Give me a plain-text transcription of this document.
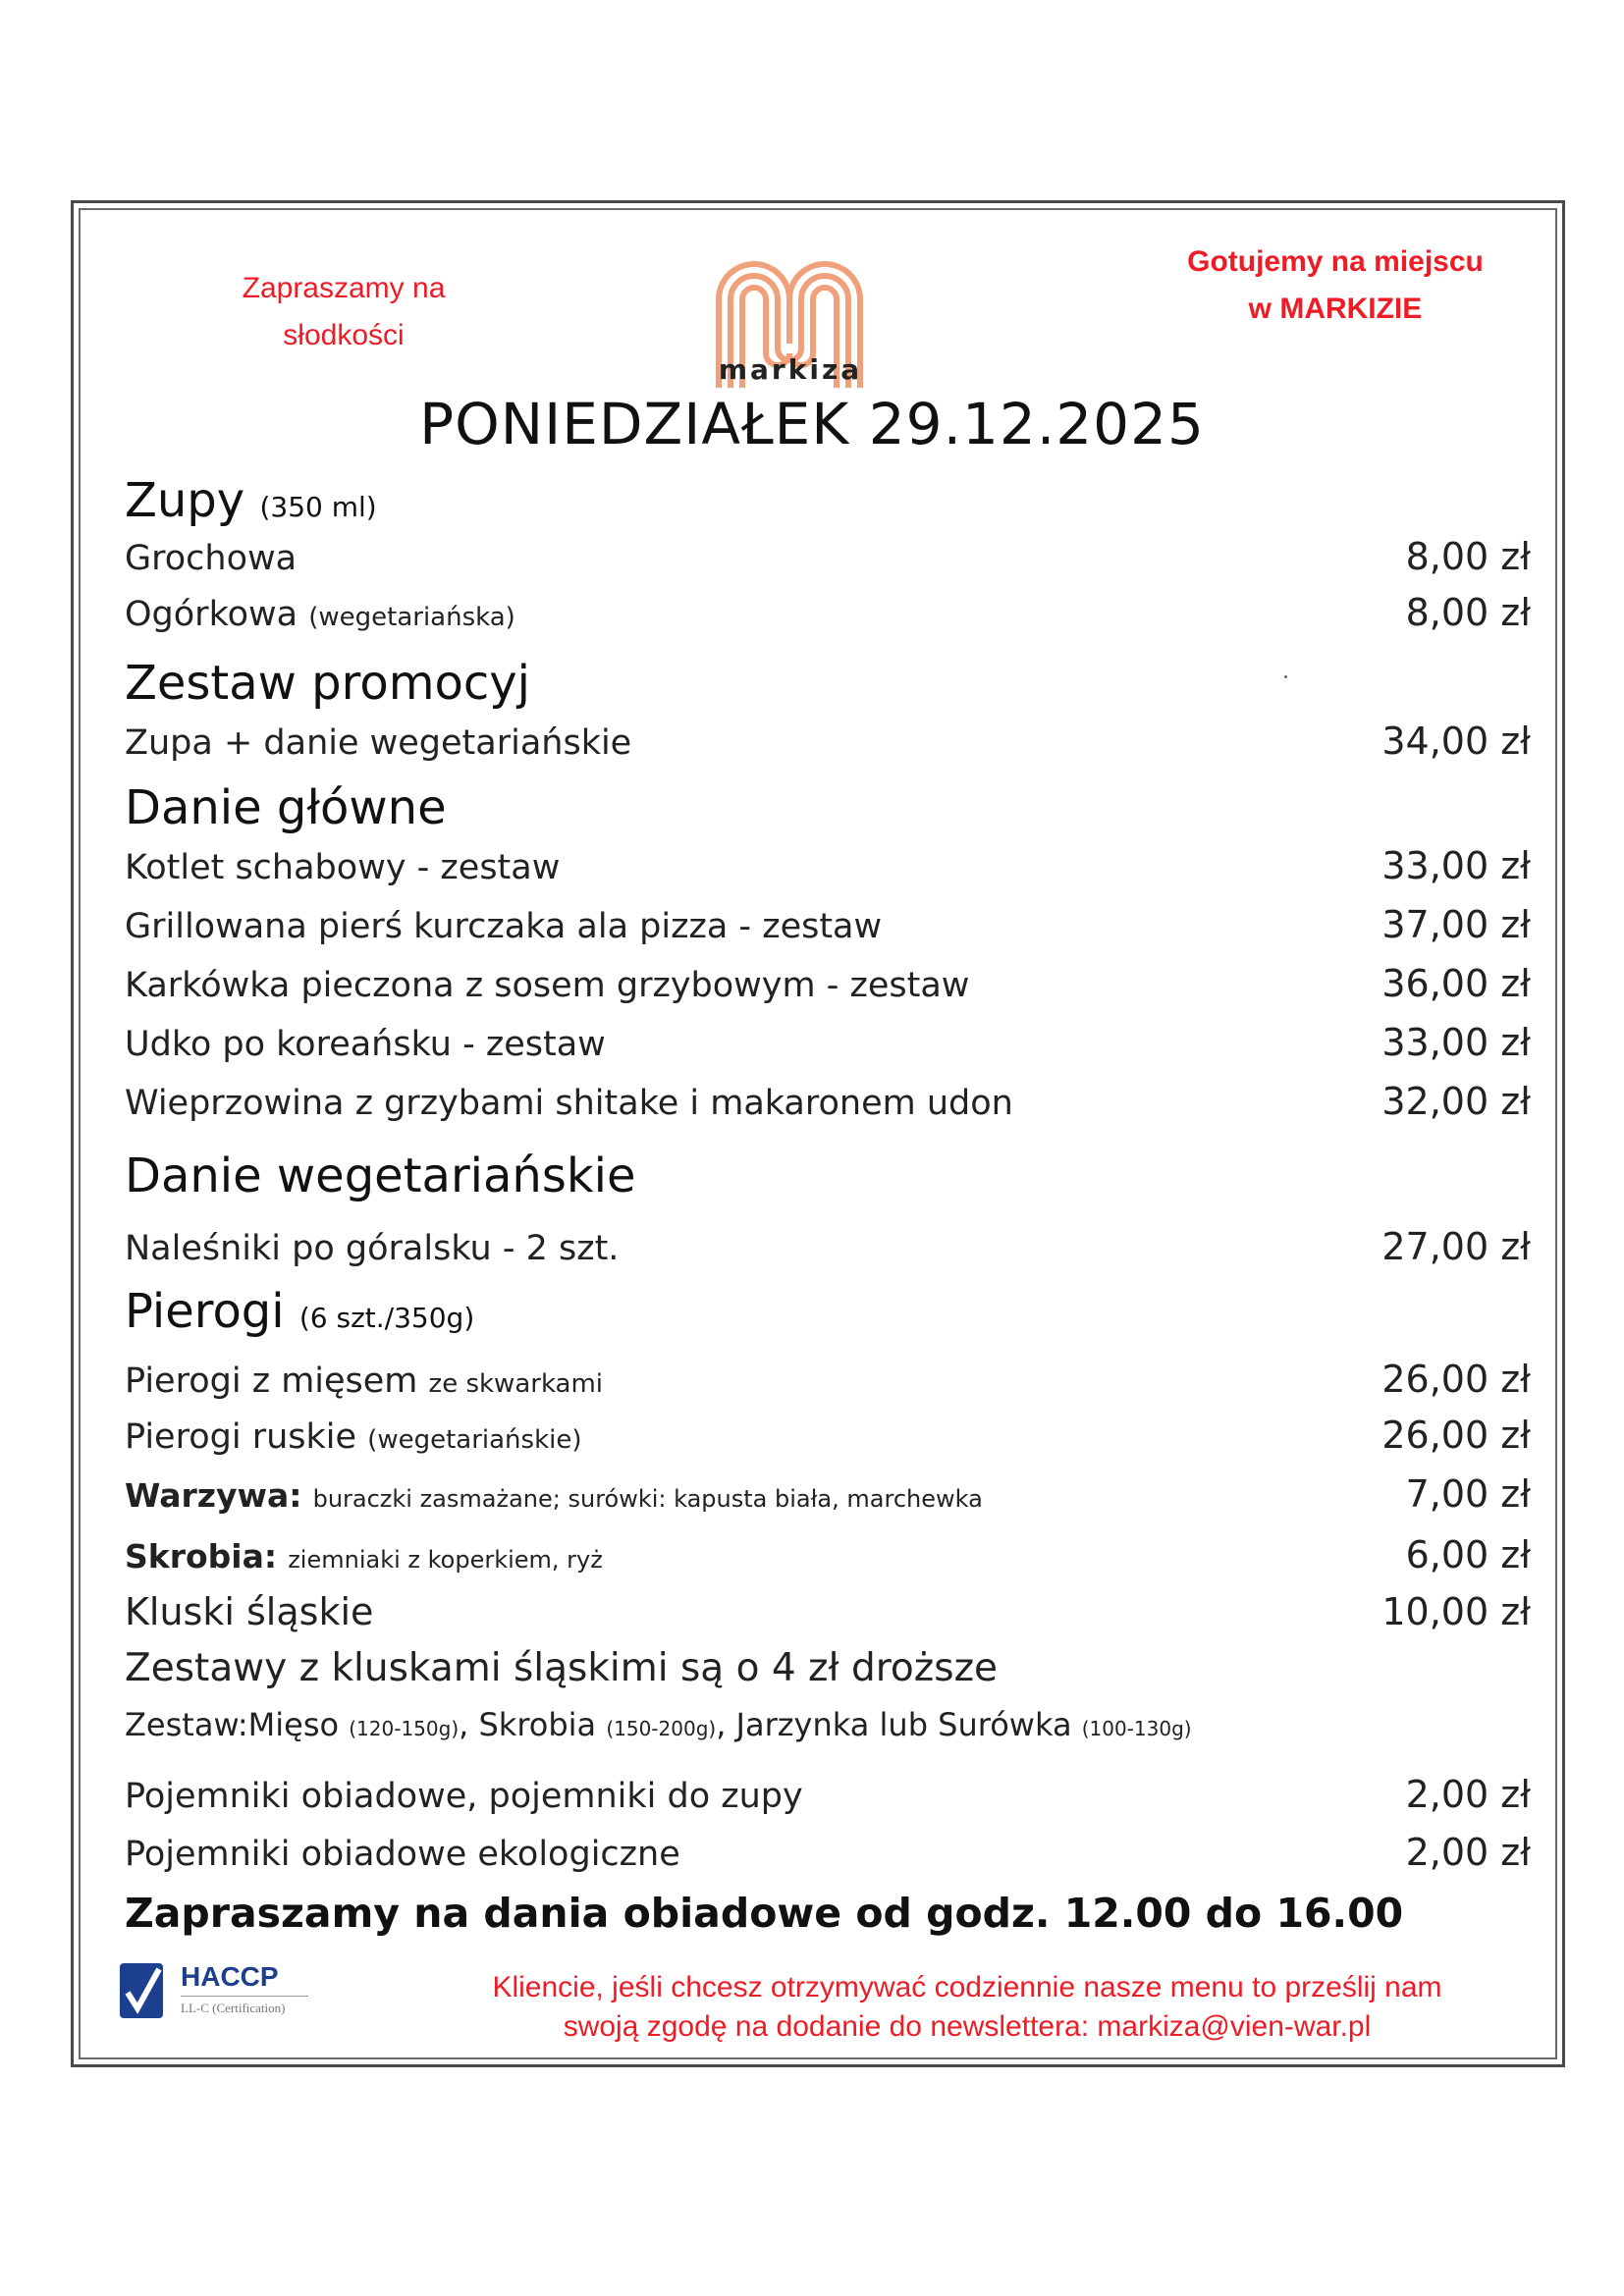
Zapraszamy na
słodkości
markiza
Gotujemy na miejscu
w MARKIZIE
PONIEDZIAŁEK 29.12.2025
Zupy (350 ml)
Grochowa	8,00 zł
Ogórkowa (wegetariańska)	8,00 zł
Zestaw promocyj
Zupa + danie wegetariańskie	34,00 zł
Danie główne
Kotlet schabowy - zestaw	33,00 zł
Grillowana pierś kurczaka ala pizza - zestaw	37,00 zł
Karkówka pieczona z sosem grzybowym - zestaw	36,00 zł
Udko po koreańsku - zestaw	33,00 zł
Wieprzowina z grzybami shitake i makaronem udon	32,00 zł
Danie wegetariańskie
Naleśniki po góralsku - 2 szt.	27,00 zł
Pierogi (6 szt./350g)
Pierogi z mięsem ze skwarkami	26,00 zł
Pierogi ruskie (wegetariańskie)	26,00 zł
Warzywa: buraczki zasmażane; surówki: kapusta biała, marchewka	7,00 zł
Skrobia: ziemniaki z koperkiem, ryż	6,00 zł
Kluski śląskie	10,00 zł
Zestawy z kluskami śląskimi są o 4 zł droższe
Zestaw:Mięso (120-150g), Skrobia (150-200g), Jarzynka lub Surówka (100-130g)
Pojemniki obiadowe, pojemniki do zupy	2,00 zł
Pojemniki obiadowe ekologiczne	2,00 zł
Zapraszamy na dania obiadowe od godz. 12.00 do 16.00
HACCP
LL-C (Certification)
Kliencie, jeśli chcesz otrzymywać codziennie nasze menu to prześlij nam
swoją zgodę na dodanie do newslettera: markiza@vien-war.pl
